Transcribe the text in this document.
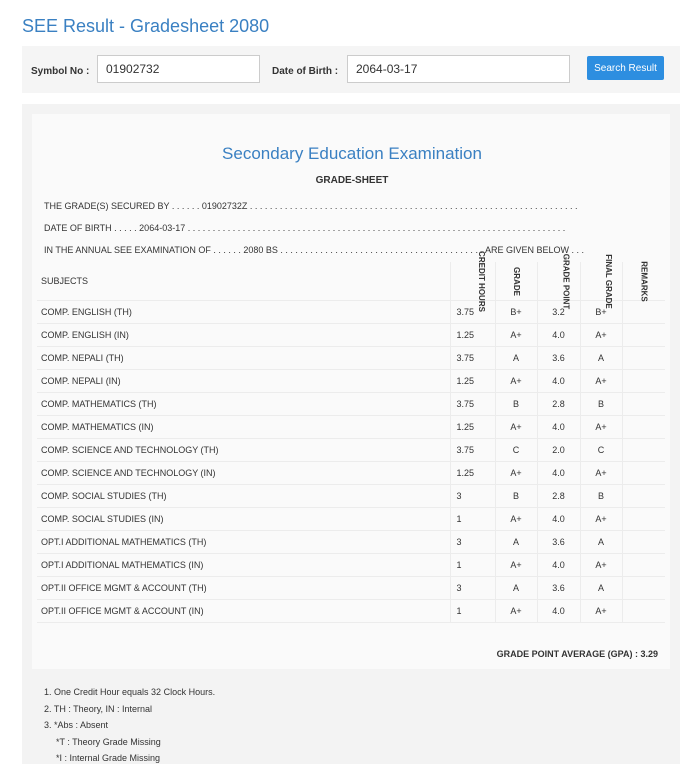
SEE Result - Gradesheet 2080
Symbol No :
01902732	Date of Birth :
2064-03-17	Search Result
Secondary Education Examination
GRADE-SHEET
THE GRADE(S) SECURED BY . . . . . . 01902732Z . . . . . . . . . . . . . . . . . . . . . . . . . . . . . . . . . . . . . . . . . . . . . . . . . . . . . . . . . . . . . . . . . .
DATE OF BIRTH . . . . . 2064-03-17 . . . . . . . . . . . . . . . . . . . . . . . . . . . . . . . . . . . . . . . . . . . . . . . . . . . . . . . . . . . . . . . . . . . . . . . . . . . .
IN THE ANNUAL SEE EXAMINATION OF . . . . . . 2080 BS . . . . . . . . . . . . . . . . . . . . . . . . . . . . . . . . . . . . . . . . . ARE GIVEN BELOW . . .
SUBJECTS	CREDIT HOURS	GRADE	GRADE POINT	FINAL GRADE	REMARKS
COMP. ENGLISH (TH)	3.75	B+	3.2	B+	
COMP. ENGLISH (IN)	1.25	A+	4.0	A+	
COMP. NEPALI (TH)	3.75	A	3.6	A	
COMP. NEPALI (IN)	1.25	A+	4.0	A+	
COMP. MATHEMATICS (TH)	3.75	B	2.8	B	
COMP. MATHEMATICS (IN)	1.25	A+	4.0	A+	
COMP. SCIENCE AND TECHNOLOGY (TH)	3.75	C	2.0	C	
COMP. SCIENCE AND TECHNOLOGY (IN)	1.25	A+	4.0	A+	
COMP. SOCIAL STUDIES (TH)	3	B	2.8	B	
COMP. SOCIAL STUDIES (IN)	1	A+	4.0	A+	
OPT.I ADDITIONAL MATHEMATICS (TH)	3	A	3.6	A	
OPT.I ADDITIONAL MATHEMATICS (IN)	1	A+	4.0	A+	
OPT.II OFFICE MGMT & ACCOUNT (TH)	3	A	3.6	A	
OPT.II OFFICE MGMT & ACCOUNT (IN)	1	A+	4.0	A+	
GRADE POINT AVERAGE (GPA) : 3.29
1. One Credit Hour equals 32 Clock Hours.
2. TH : Theory, IN : Internal
3. *Abs : Absent
*T : Theory Grade Missing
*I : Internal Grade Missing
